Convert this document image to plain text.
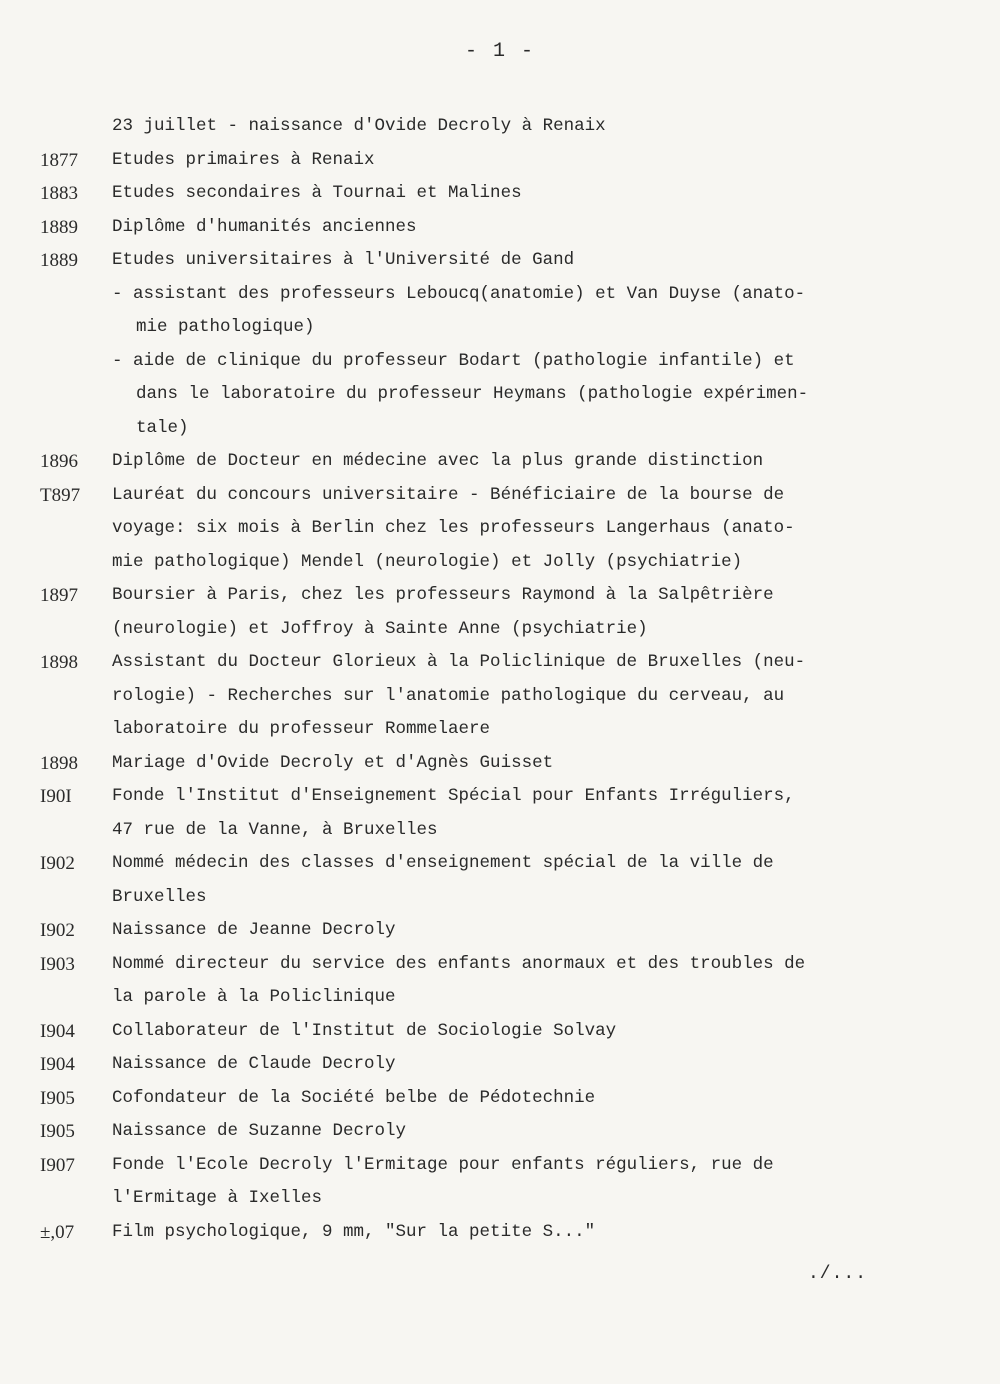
- 1 -
23 juillet - naissance d'Ovide Decroly à Renaix
1877	Etudes primaires à Renaix
1883	Etudes secondaires à Tournai et Malines
1889	Diplôme d'humanités anciennes
1889	Etudes universitaires à l'Université de Gand
- assistant des professeurs Leboucq(anatomie) et Van Duyse (anato-
mie pathologique)
- aide de clinique du professeur Bodart (pathologie infantile) et
dans le laboratoire du professeur Heymans (pathologie expérimen-
tale)
1896	Diplôme de Docteur en médecine avec la plus grande distinction
T897	Lauréat du concours universitaire - Bénéficiaire de la bourse de
voyage: six mois à Berlin chez les professeurs Langerhaus (anato-
mie pathologique) Mendel (neurologie) et Jolly (psychiatrie)
1897	Boursier à Paris, chez les professeurs Raymond à la Salpêtrière
(neurologie) et Joffroy à Sainte Anne (psychiatrie)
1898	Assistant du Docteur Glorieux à la Policlinique de Bruxelles (neu-
rologie) - Recherches sur l'anatomie pathologique du cerveau, au
laboratoire du professeur Rommelaere
1898	Mariage d'Ovide Decroly et d'Agnès Guisset
I90I	Fonde l'Institut d'Enseignement Spécial pour Enfants Irréguliers,
47 rue de la Vanne, à Bruxelles
I902	Nommé médecin des classes d'enseignement spécial de la ville de
Bruxelles
I902	Naissance de Jeanne Decroly
I903	Nommé directeur du service des enfants anormaux et des troubles de
la parole à la Policlinique
I904	Collaborateur de l'Institut de Sociologie Solvay
I904	Naissance de Claude Decroly
I905	Cofondateur de la Société belbe de Pédotechnie
I905	Naissance de Suzanne Decroly
I907	Fonde l'Ecole Decroly l'Ermitage pour enfants réguliers, rue de
l'Ermitage à Ixelles
±,07	Film psychologique, 9 mm, "Sur la petite S..."
./...
